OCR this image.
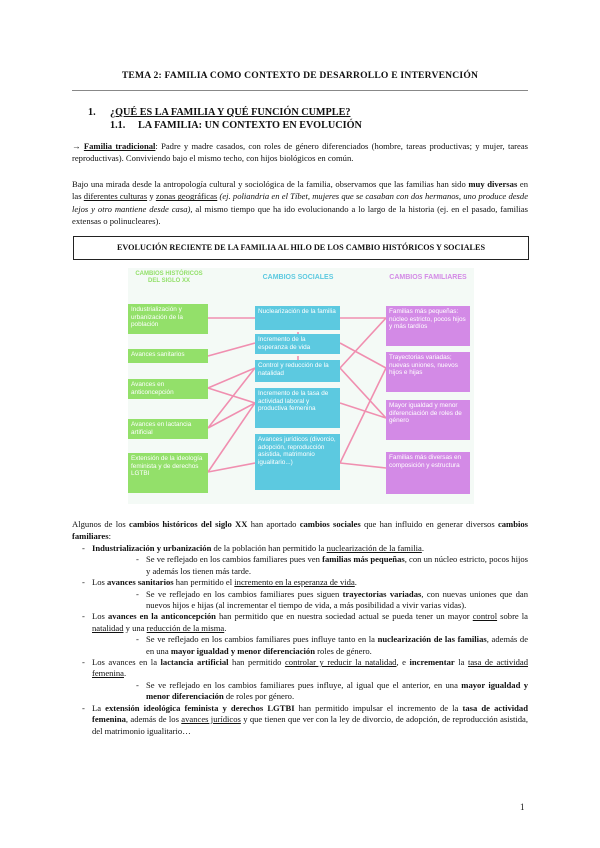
TEMA 2: FAMILIA COMO CONTEXTO DE DESARROLLO E INTERVENCIÓN
1. ¿QUÉ ES LA FAMILIA Y QUÉ FUNCIÓN CUMPLE?
1.1. LA FAMILIA: UN CONTEXTO EN EVOLUCIÓN
→ Familia tradicional: Padre y madre casados, con roles de género diferenciados (hombre, tareas productivas; y mujer, tareas reproductivas). Conviviendo bajo el mismo techo, con hijos biológicos en común.
Bajo una mirada desde la antropología cultural y sociológica de la familia, observamos que las familias han sido muy diversas en las diferentes culturas y zonas geográficas (ej. poliandria en el Tíbet, mujeres que se casaban con dos hermanos, uno produce desde lejos y otro mantiene desde casa), al mismo tiempo que ha ido evolucionando a lo largo de la historia (ej. en el pasado, familias extensas o polinucleares).
EVOLUCIÓN RECIENTE DE LA FAMILIA AL HILO DE LOS CAMBIO HISTÓRICOS Y SOCIALES
CAMBIOS HISTÓRICOS DEL SIGLO XX	CAMBIOS SOCIALES	CAMBIOS FAMILIARES
Industrialización y urbanización de la población
Avances sanitarios
Avances en anticoncepción
Avances en lactancia artificial
Extensión de la ideología feminista y de derechos LGTBI
Nuclearización de la familia
Incremento de la esperanza de vida
Control y reducción de la natalidad
Incremento de la tasa de actividad laboral y productiva femenina
Avances jurídicos (divorcio, adopción, reproducción asistida, matrimonio igualitario...)
Familias más pequeñas: núcleo estricto, pocos hijos y más tardíos
Trayectorias variadas; nuevas uniones, nuevos hijos e hijas
Mayor igualdad y menor diferenciación de roles de género
Familias más diversas en composición y estructura
Algunos de los cambios históricos del siglo XX han aportado cambios sociales que han influido en generar diversos cambios familiares:
- Industrialización y urbanización de la población han permitido la nuclearización de la familia.
- Se ve reflejado en los cambios familiares pues ven familias más pequeñas, con un núcleo estricto, pocos hijos y además los tienen más tarde.
- Los avances sanitarios han permitido el incremento en la esperanza de vida.
- Se ve reflejado en los cambios familiares pues siguen trayectorias variadas, con nuevas uniones que dan nuevos hijos e hijas (al incrementar el tiempo de vida, a más posibilidad a vivir varias vidas).
- Los avances en la anticoncepción han permitido que en nuestra sociedad actual se pueda tener un mayor control sobre la natalidad y una reducción de la misma.
- Se ve reflejado en los cambios familiares pues influye tanto en la nuclearización de las familias, además de en una mayor igualdad y menor diferenciación roles de género.
- Los avances en la lactancia artificial han permitido controlar y reducir la natalidad, e incrementar la tasa de actividad femenina.
- Se ve reflejado en los cambios familiares pues influye, al igual que el anterior, en una mayor igualdad y menor diferenciación de roles por género.
- La extensión ideológica feminista y derechos LGTBI han permitido impulsar el incremento de la tasa de actividad femenina, además de los avances jurídicos y que tienen que ver con la ley de divorcio, de adopción, de reproducción asistida, del matrimonio igualitario…
1
